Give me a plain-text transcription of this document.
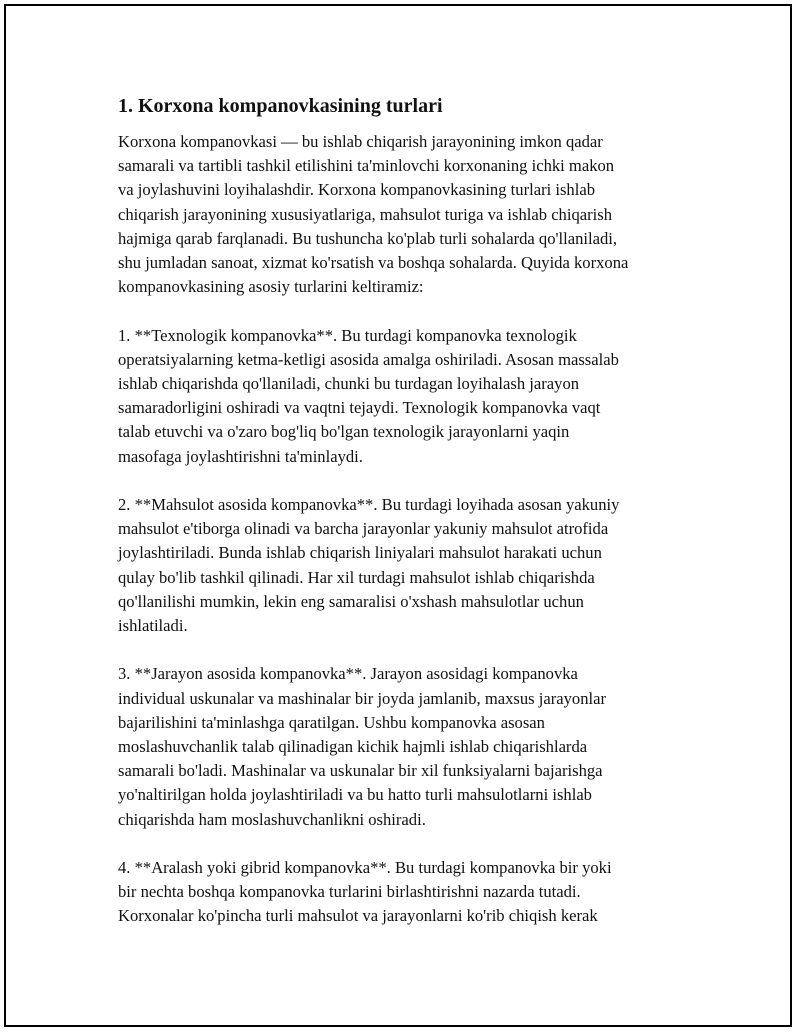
1. Korxona kompanovkasining turlari
Korxona kompanovkasi — bu ishlab chiqarish jarayonining imkon qadar
samarali va tartibli tashkil etilishini ta'minlovchi korxonaning ichki makon
va joylashuvini loyihalashdir. Korxona kompanovkasining turlari ishlab
chiqarish jarayonining xususiyatlariga, mahsulot turiga va ishlab chiqarish
hajmiga qarab farqlanadi. Bu tushuncha ko'plab turli sohalarda qo'llaniladi,
shu jumladan sanoat, xizmat ko'rsatish va boshqa sohalarda. Quyida korxona
kompanovkasining asosiy turlarini keltiramiz:
1. **Texnologik kompanovka**. Bu turdagi kompanovka texnologik
operatsiyalarning ketma-ketligi asosida amalga oshiriladi. Asosan massalab
ishlab chiqarishda qo'llaniladi, chunki bu turdagan loyihalash jarayon
samaradorligini oshiradi va vaqtni tejaydi. Texnologik kompanovka vaqt
talab etuvchi va o'zaro bog'liq bo'lgan texnologik jarayonlarni yaqin
masofaga joylashtirishni ta'minlaydi.
2. **Mahsulot asosida kompanovka**. Bu turdagi loyihada asosan yakuniy
mahsulot e'tiborga olinadi va barcha jarayonlar yakuniy mahsulot atrofida
joylashtiriladi. Bunda ishlab chiqarish liniyalari mahsulot harakati uchun
qulay bo'lib tashkil qilinadi. Har xil turdagi mahsulot ishlab chiqarishda
qo'llanilishi mumkin, lekin eng samaralisi o'xshash mahsulotlar uchun
ishlatiladi.
3. **Jarayon asosida kompanovka**. Jarayon asosidagi kompanovka
individual uskunalar va mashinalar bir joyda jamlanib, maxsus jarayonlar
bajarilishini ta'minlashga qaratilgan. Ushbu kompanovka asosan
moslashuvchanlik talab qilinadigan kichik hajmli ishlab chiqarishlarda
samarali bo'ladi. Mashinalar va uskunalar bir xil funksiyalarni bajarishga
yo'naltirilgan holda joylashtiriladi va bu hatto turli mahsulotlarni ishlab
chiqarishda ham moslashuvchanlikni oshiradi.
4. **Aralash yoki gibrid kompanovka**. Bu turdagi kompanovka bir yoki
bir nechta boshqa kompanovka turlarini birlashtirishni nazarda tutadi.
Korxonalar ko'pincha turli mahsulot va jarayonlarni ko'rib chiqish kerak
